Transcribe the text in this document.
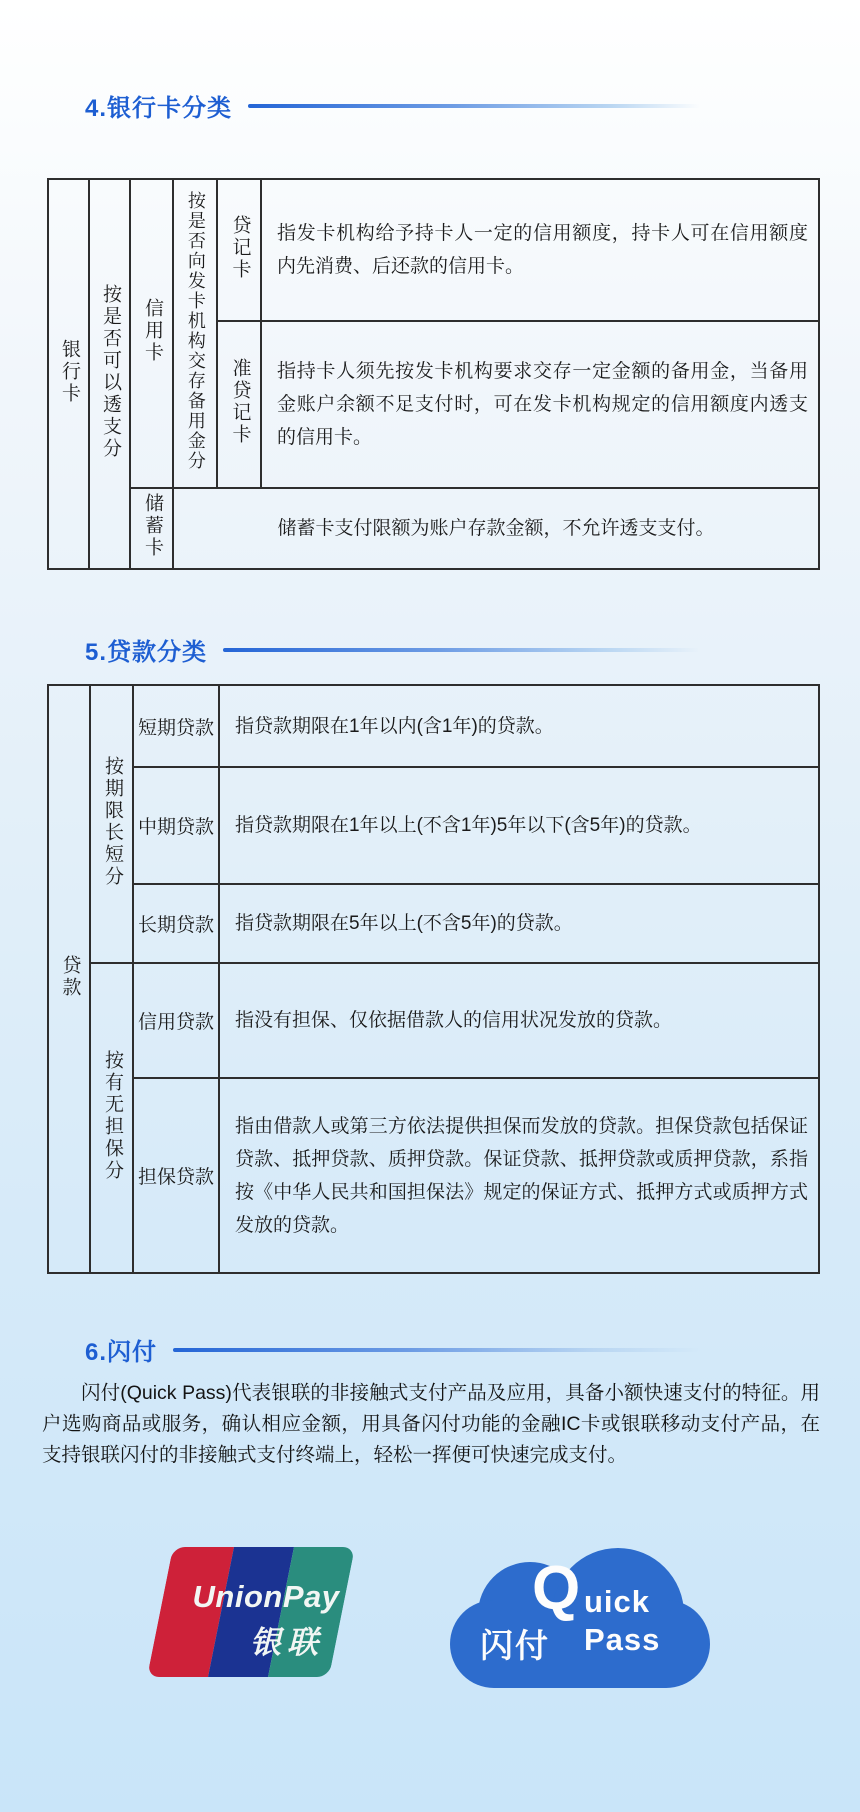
4.银行卡分类
银行卡	按是否可以透支分	信用卡	按是否向发卡机构交存备用金分	贷记卡	指发卡机构给予持卡人一定的信用额度，持卡人可在信用额度内先消费、后还款的信用卡。
				准贷记卡	指持卡人须先按发卡机构要求交存一定金额的备用金，当备用金账户余额不足支付时，可在发卡机构规定的信用额度内透支的信用卡。
		储蓄卡	储蓄卡支付限额为账户存款金额，不允许透支支付。		
5.贷款分类
贷款	按期限长短分	短期贷款	指贷款期限在1年以内(含1年)的贷款。
		中期贷款	指贷款期限在1年以上(不含1年)5年以下(含5年)的贷款。
		长期贷款	指贷款期限在5年以上(不含5年)的贷款。
	按有无担保分	信用贷款	指没有担保、仅依据借款人的信用状况发放的贷款。
		担保贷款	指由借款人或第三方依法提供担保而发放的贷款。担保贷款包括保证贷款、抵押贷款、质押贷款。保证贷款、抵押贷款或质押贷款，系指按《中华人民共和国担保法》规定的保证方式、抵押方式或质押方式发放的贷款。
6.闪付

闪付(Quick Pass)代表银联的非接触式支付产品及应用，具备小额快速支付的特征。用户选购商品或服务，确认相应金额，用具备闪付功能的金融IC卡或银联移动支付产品，在支持银联闪付的非接触式支付终端上，轻松一挥便可快速完成支付。

UnionPay
银联
Q uick
闪付 Pass
